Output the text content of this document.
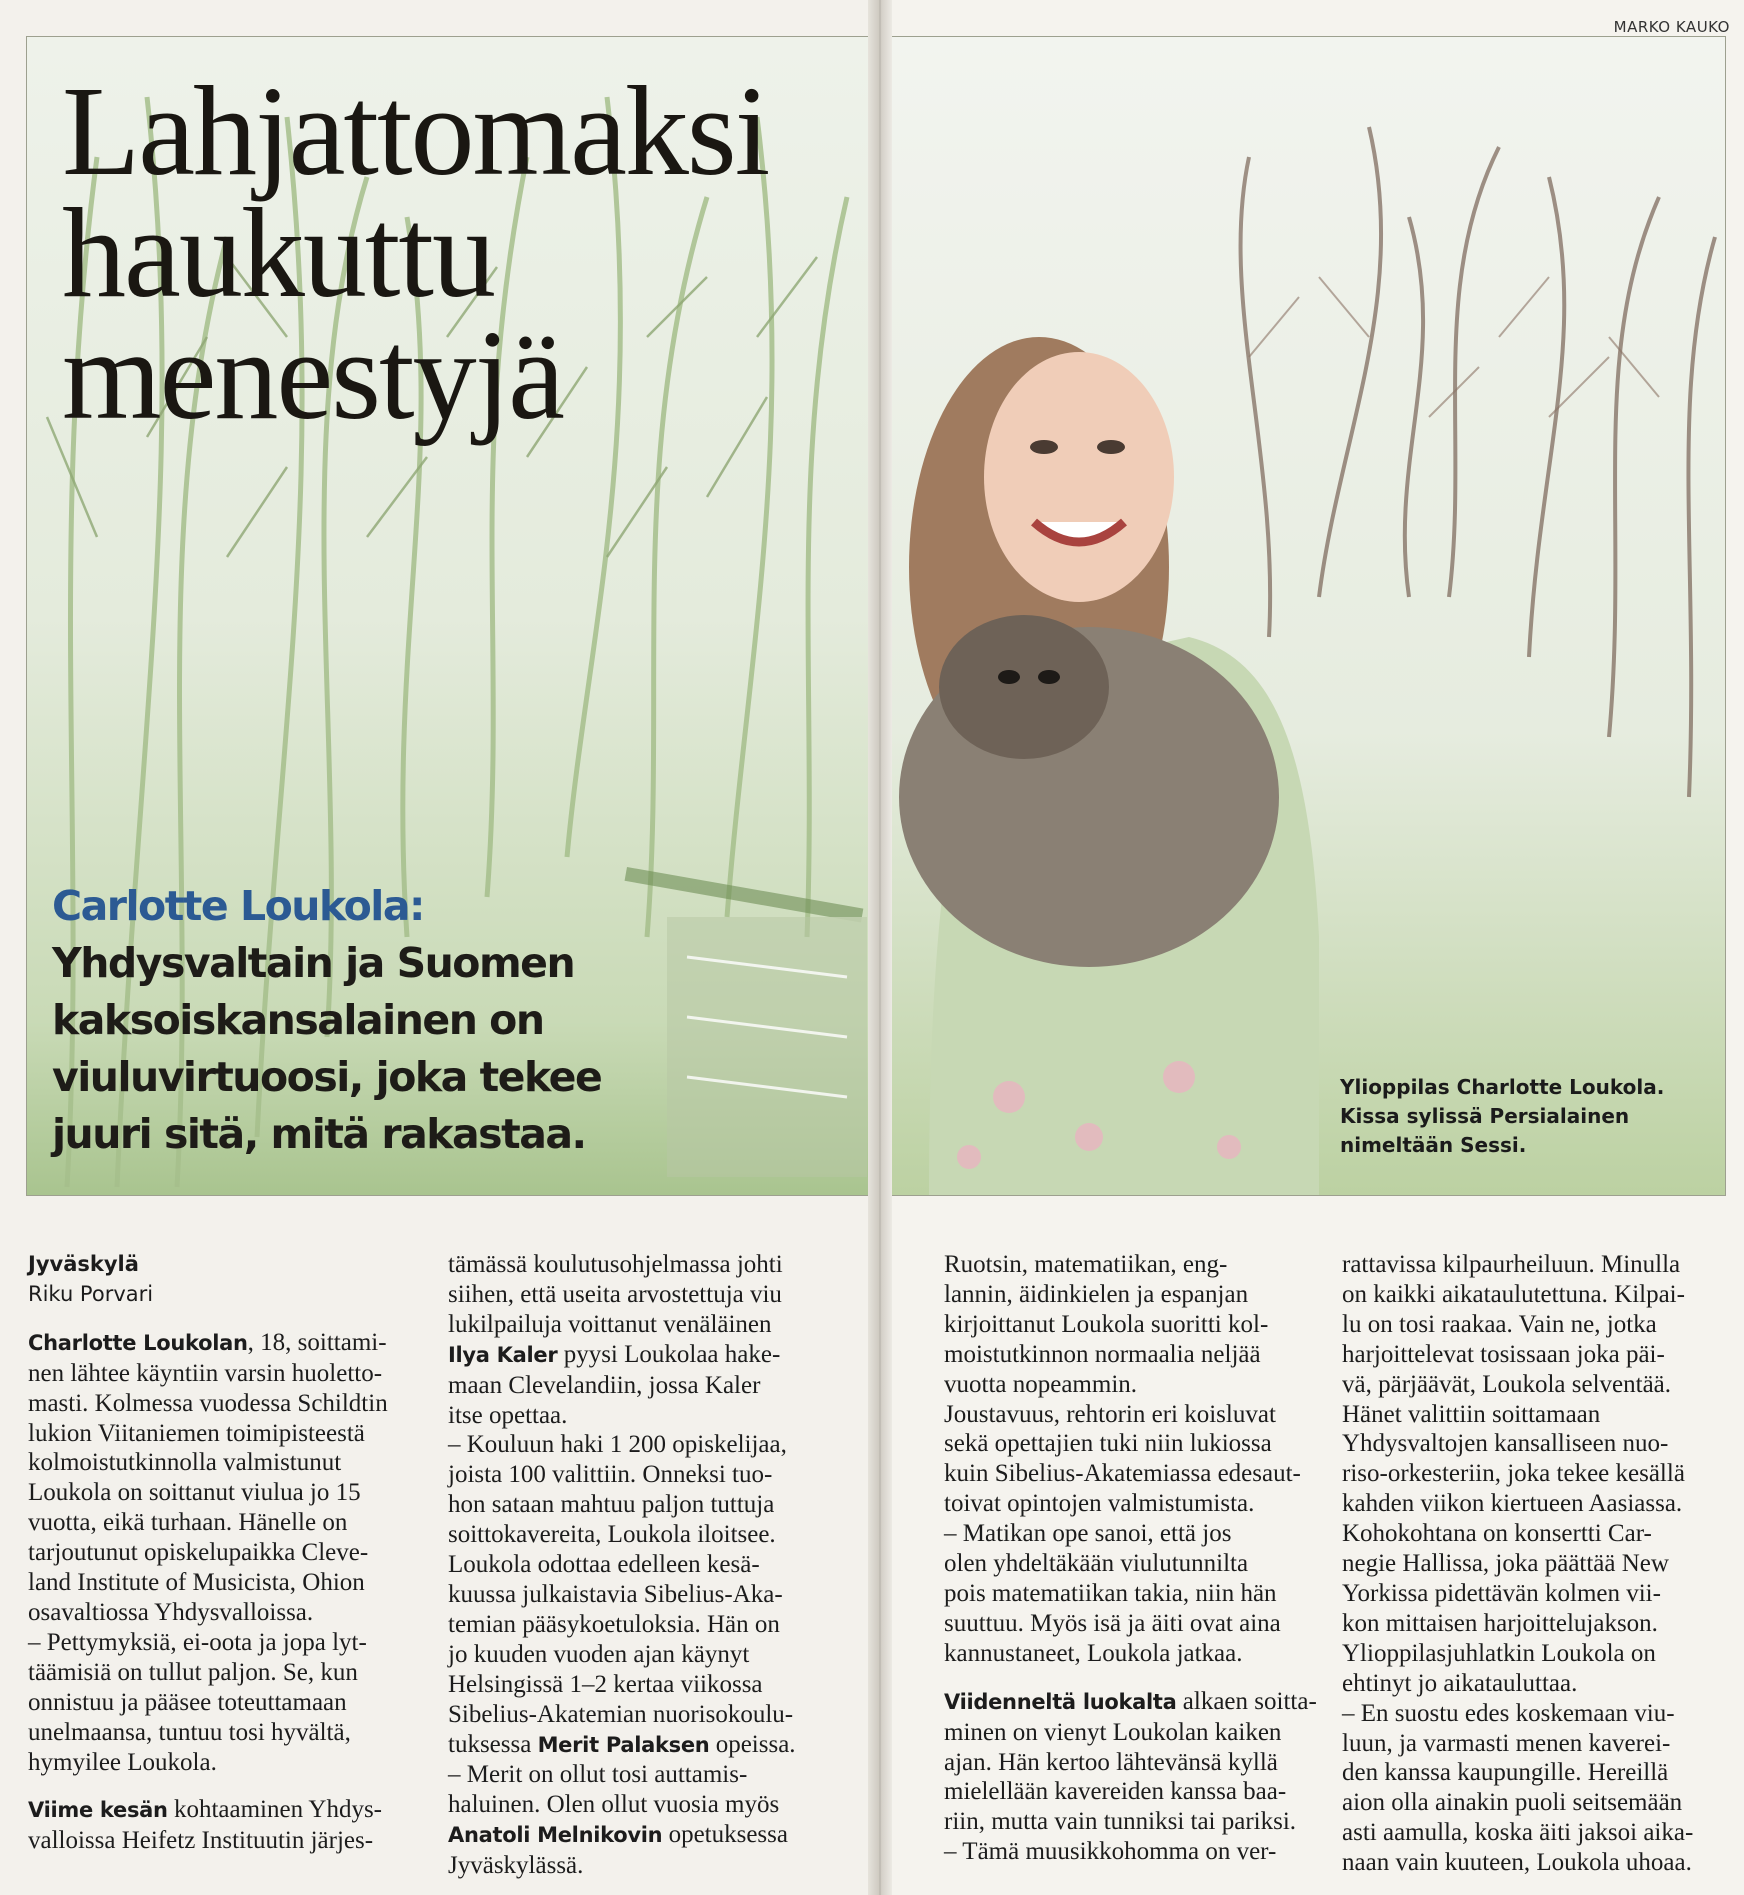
MARKO KAUKO
Lahjattomaksi
haukuttu
menestyjä
Carlotte Loukola:
Yhdysvaltain ja Suomen
kaksoiskansalainen on
viuluvirtuoosi, joka tekee
juuri sitä, mitä rakastaa.

Ylioppilas Charlotte Loukola.
Kissa sylissä Persialainen
nimeltään Sessi.

Jyväskylä
Riku Porvari

Charlotte Loukolan, 18, soittami-
nen lähtee käyntiin varsin huoletto-
masti. Kolmessa vuodessa Schildtin
lukion Viitaniemen toimipisteestä
kolmoistutkinnolla valmistunut
Loukola on soittanut viulua jo 15
vuotta, eikä turhaan. Hänelle on
tarjoutunut opiskelupaikka Cleve-
land Institute of Musicista, Ohion
osavaltiossa Yhdysvalloissa.

– Pettymyksiä, ei-oota ja jopa lyt-
täämisiä on tullut paljon. Se, kun
onnistuu ja pääsee toteuttamaan
unelmaansa, tuntuu tosi hyvältä,
hymyilee Loukola.

Viime kesän kohtaaminen Yhdys-
valloissa Heifetz Instituutin järjes-

tämässä koulutusohjelmassa johti
siihen, että useita arvostettuja viu
lukilpailuja voittanut venäläinen
Ilya Kaler pyysi Loukolaa hake-
maan Clevelandiin, jossa Kaler
itse opettaa.

– Kouluun haki 1 200 opiskelijaa,
joista 100 valittiin. Onneksi tuo-
hon sataan mahtuu paljon tuttuja
soittokavereita, Loukola iloitsee.

Loukola odottaa edelleen kesä-
kuussa julkaistavia Sibelius-Aka-
temian pääsykoetuloksia. Hän on
jo kuuden vuoden ajan käynyt
Helsingissä 1–2 kertaa viikossa
Sibelius-Akatemian nuorisokoulu-
tuksessa Merit Palaksen opeissa.

– Merit on ollut tosi auttamis-
haluinen. Olen ollut vuosia myös
Anatoli Melnikovin opetuksessa
Jyväskylässä.

Ruotsin, matematiikan, eng-
lannin, äidinkielen ja espanjan
kirjoittanut Loukola suoritti kol-
moistutkinnon normaalia neljää
vuotta nopeammin.

Joustavuus, rehtorin eri koisluvat
sekä opettajien tuki niin lukiossa
kuin Sibelius-Akatemiassa edesaut-
toivat opintojen valmistumista.

– Matikan ope sanoi, että jos
olen yhdeltäkään viulutunnilta
pois matematiikan takia, niin hän
suuttuu. Myös isä ja äiti ovat aina
kannustaneet, Loukola jatkaa.

Viidenneltä luokalta alkaen soitta-
minen on vienyt Loukolan kaiken
ajan. Hän kertoo lähtevänsä kyllä
mielellään kavereiden kanssa baa-
riin, mutta vain tunniksi tai pariksi.

– Tämä muusikkohomma on ver-

rattavissa kilpaurheiluun. Minulla
on kaikki aikataulutettuna. Kilpai-
lu on tosi raakaa. Vain ne, jotka
harjoittelevat tosissaan joka päi-
vä, pärjäävät, Loukola selventää.

Hänet valittiin soittamaan
Yhdysvaltojen kansalliseen nuo-
riso-orkesteriin, joka tekee kesällä
kahden viikon kiertueen Aasiassa.
Kohokohtana on konsertti Car-
negie Hallissa, joka päättää New
Yorkissa pidettävän kolmen vii-
kon mittaisen harjoittelujakson.

Ylioppilasjuhlatkin Loukola on
ehtinyt jo aikatauluttaa.

– En suostu edes koskemaan viu-
luun, ja varmasti menen kaverei-
den kanssa kaupungille. Hereillä
aion olla ainakin puoli seitsemään
asti aamulla, koska äiti jaksoi aika-
naan vain kuuteen, Loukola uhoaa.
